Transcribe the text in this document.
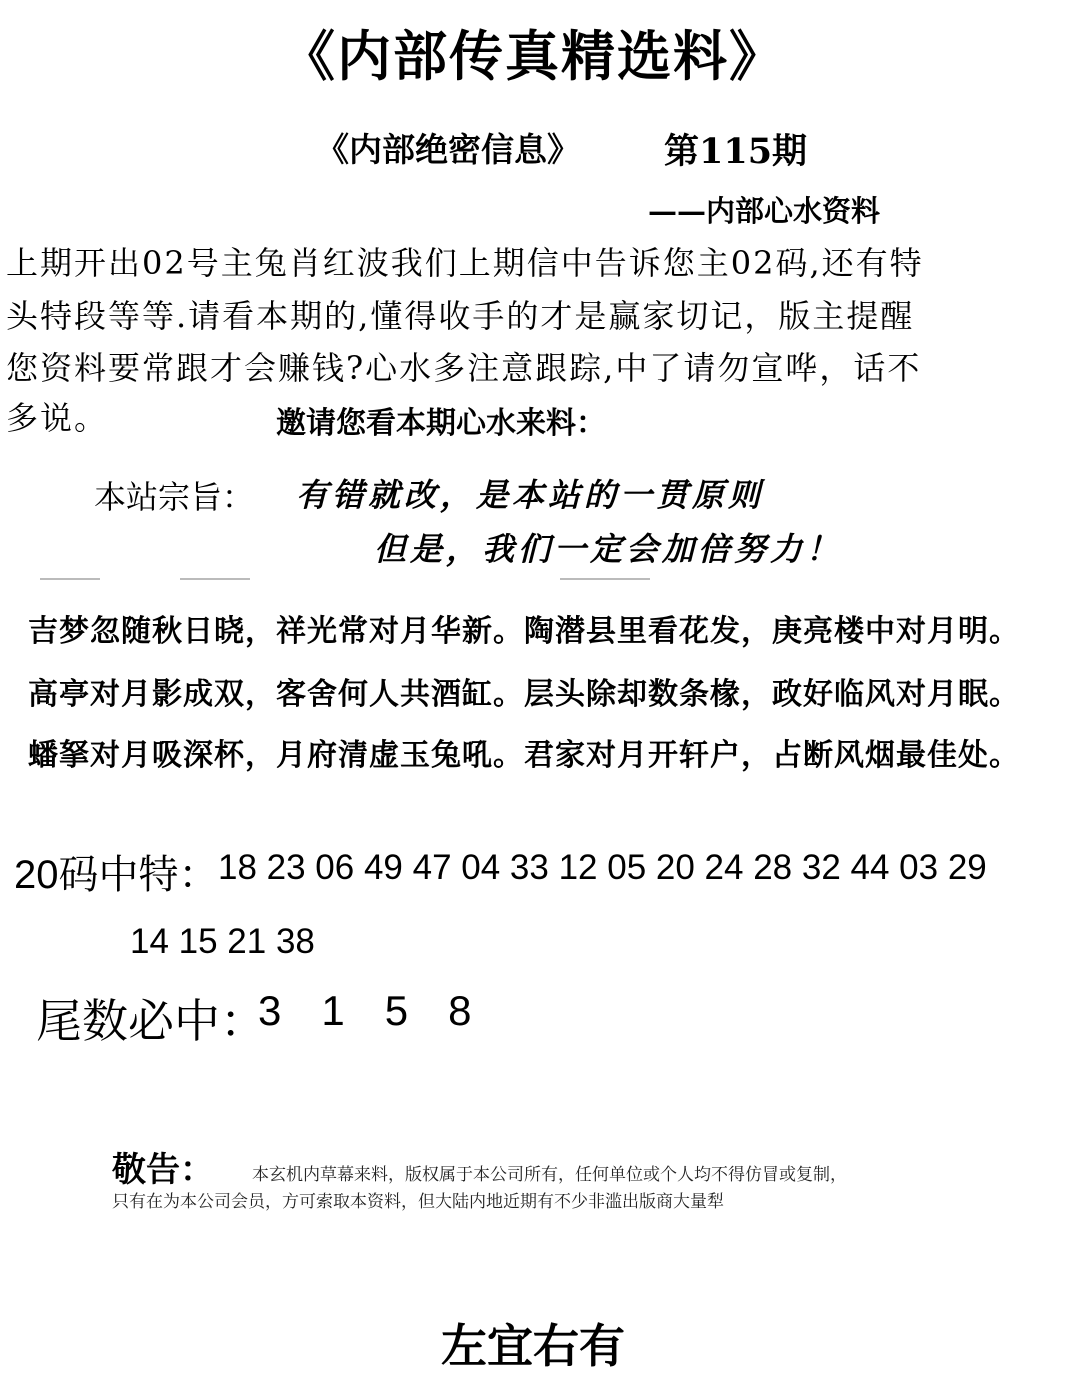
《内部传真精选料》
《内部绝密信息》 第115期
——内部心水资料
上期开出02号主兔肖红波我们上期信中告诉您主02码,还有特
头特段等等.请看本期的,懂得收手的才是赢家切记，版主提醒
您资料要常跟才会赚钱?心水多注意跟踪,中了请勿宣哗，话不
多说。	邀请您看本期心水来料：
本站宗旨： 有错就改，是本站的一贯原则
但是，我们一定会加倍努力！
吉梦忽随秋日晓，祥光常对月华新。陶潜县里看花发，庚亮楼中对月明。
高亭对月影成双，客舍何人共酒缸。层头除却数条椽，政好临风对月眠。
蟠拏对月吸深杯，月府清虚玉兔吼。君家对月开轩户，占断风烟最佳处。
20码中特： 18 23 06 49 47 04 33 12 05 20 24 28 32 44 03 29
14 15 21 38
尾数必中：
3 1 5 8
敬告： 本玄机内草幕来料，版权属于本公司所有，任何单位或个人均不得仿冒或复制，
只有在为本公司会员，方可索取本资料，但大陆内地近期有不少非滥出版商大量犁
左宜右有
